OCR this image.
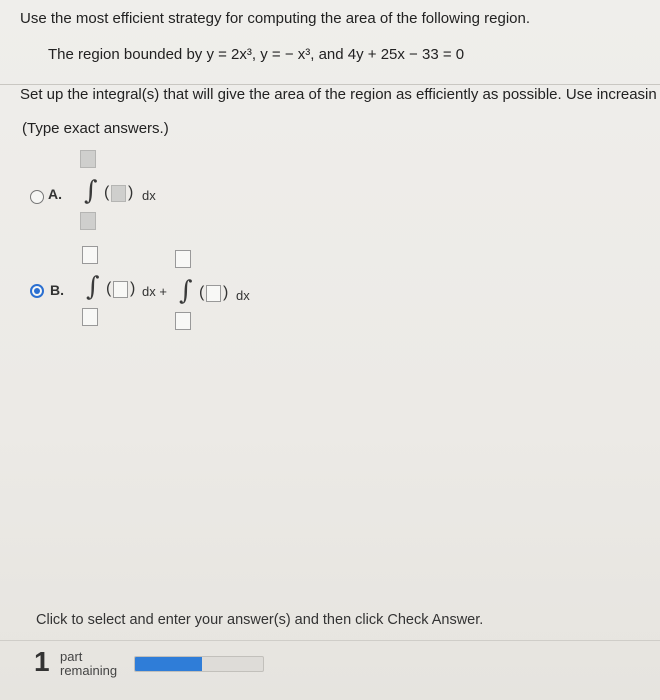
Use the most efficient strategy for computing the area of the following region.
The region bounded by y = 2x³, y = − x³, and 4y + 25x − 33 = 0
Set up the integral(s) that will give the area of the region as efficiently as possible. Use increasin
(Type exact answers.)
A. ∫ ( ) dx
B. ∫ ( ) dx + ∫ ( ) dx
Click to select and enter your answer(s) and then click Check Answer.
1 part
remaining
